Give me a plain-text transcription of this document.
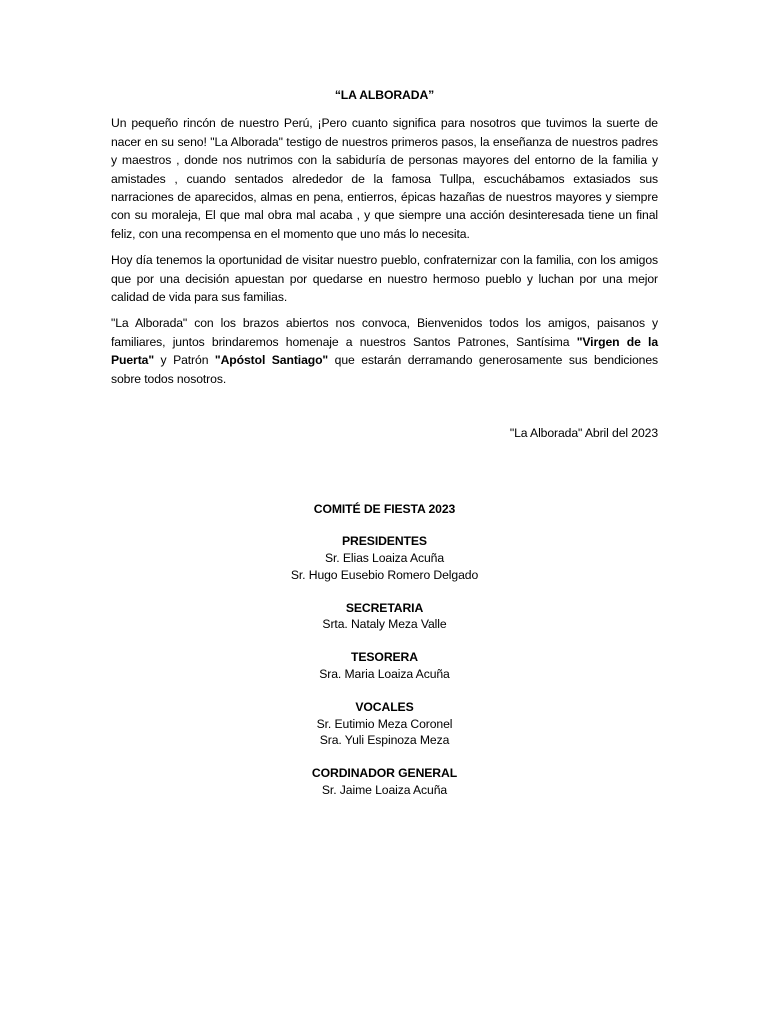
“LA ALBORADA”

Un pequeño rincón de nuestro Perú, ¡Pero cuanto significa para nosotros que tuvimos la suerte de nacer en su seno! "La Alborada" testigo de nuestros primeros pasos, la enseñanza de nuestros padres y maestros , donde nos nutrimos con la sabiduría de personas mayores del entorno de la familia y amistades , cuando sentados alrededor de la famosa Tullpa, escuchábamos extasiados sus narraciones de aparecidos, almas en pena, entierros, épicas hazañas de nuestros mayores y siempre con su moraleja, El que mal obra mal acaba , y que siempre una acción desinteresada tiene un final feliz, con una recompensa en el momento que uno más lo necesita.

Hoy día tenemos la oportunidad de visitar nuestro pueblo, confraternizar con la familia, con los amigos que por una decisión apuestan por quedarse en nuestro hermoso pueblo y luchan por una mejor calidad de vida para sus familias.

"La Alborada" con los brazos abiertos nos convoca, Bienvenidos todos los amigos, paisanos y familiares, juntos brindaremos homenaje a nuestros Santos Patrones, Santísima "Virgen de la Puerta" y Patrón "Apóstol Santiago" que estarán derramando generosamente sus bendiciones sobre todos nosotros.

"La Alborada" Abril del 2023

COMITÉ DE FIESTA 2023
PRESIDENTES
Sr. Elias Loaiza Acuña
Sr. Hugo Eusebio Romero Delgado
SECRETARIA
Srta. Nataly Meza Valle
TESORERA
Sra. Maria Loaiza Acuña
VOCALES
Sr. Eutimio Meza Coronel
Sra. Yuli Espinoza Meza
CORDINADOR GENERAL
Sr. Jaime Loaiza Acuña
